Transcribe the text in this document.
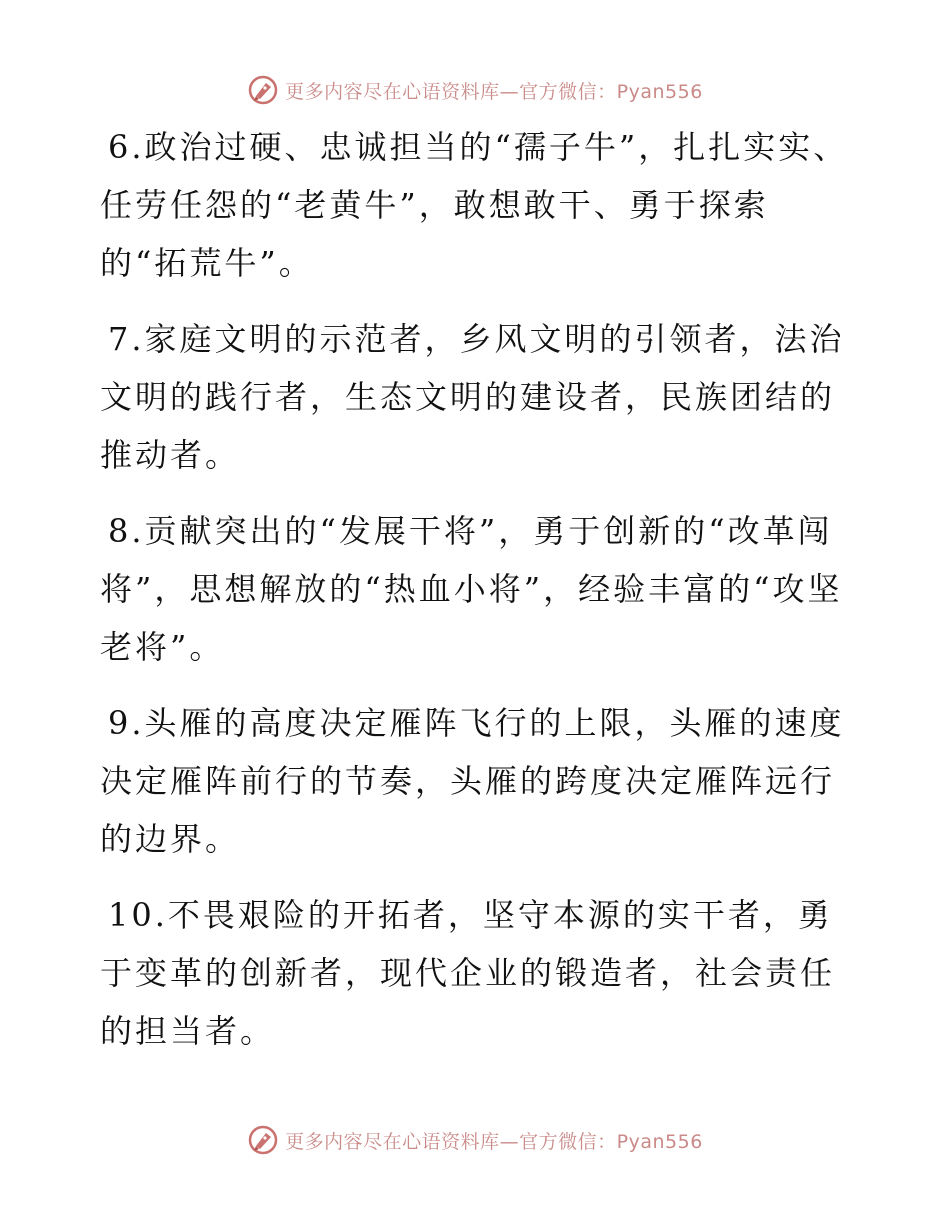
更多内容尽在心语资料库—官方微信：Pyan556

6.政治过硬、忠诚担当的“孺子牛”，扎扎实实、任劳任怨的“老黄牛”，敢想敢干、勇于探索的“拓荒牛”。

7.家庭文明的示范者，乡风文明的引领者，法治文明的践行者，生态文明的建设者，民族团结的推动者。

8.贡献突出的“发展干将”，勇于创新的“改革闯将”，思想解放的“热血小将”，经验丰富的“攻坚老将”。

9.头雁的高度决定雁阵飞行的上限，头雁的速度决定雁阵前行的节奏，头雁的跨度决定雁阵远行的边界。

10.不畏艰险的开拓者，坚守本源的实干者，勇于变革的创新者，现代企业的锻造者，社会责任的担当者。

更多内容尽在心语资料库—官方微信：Pyan556
